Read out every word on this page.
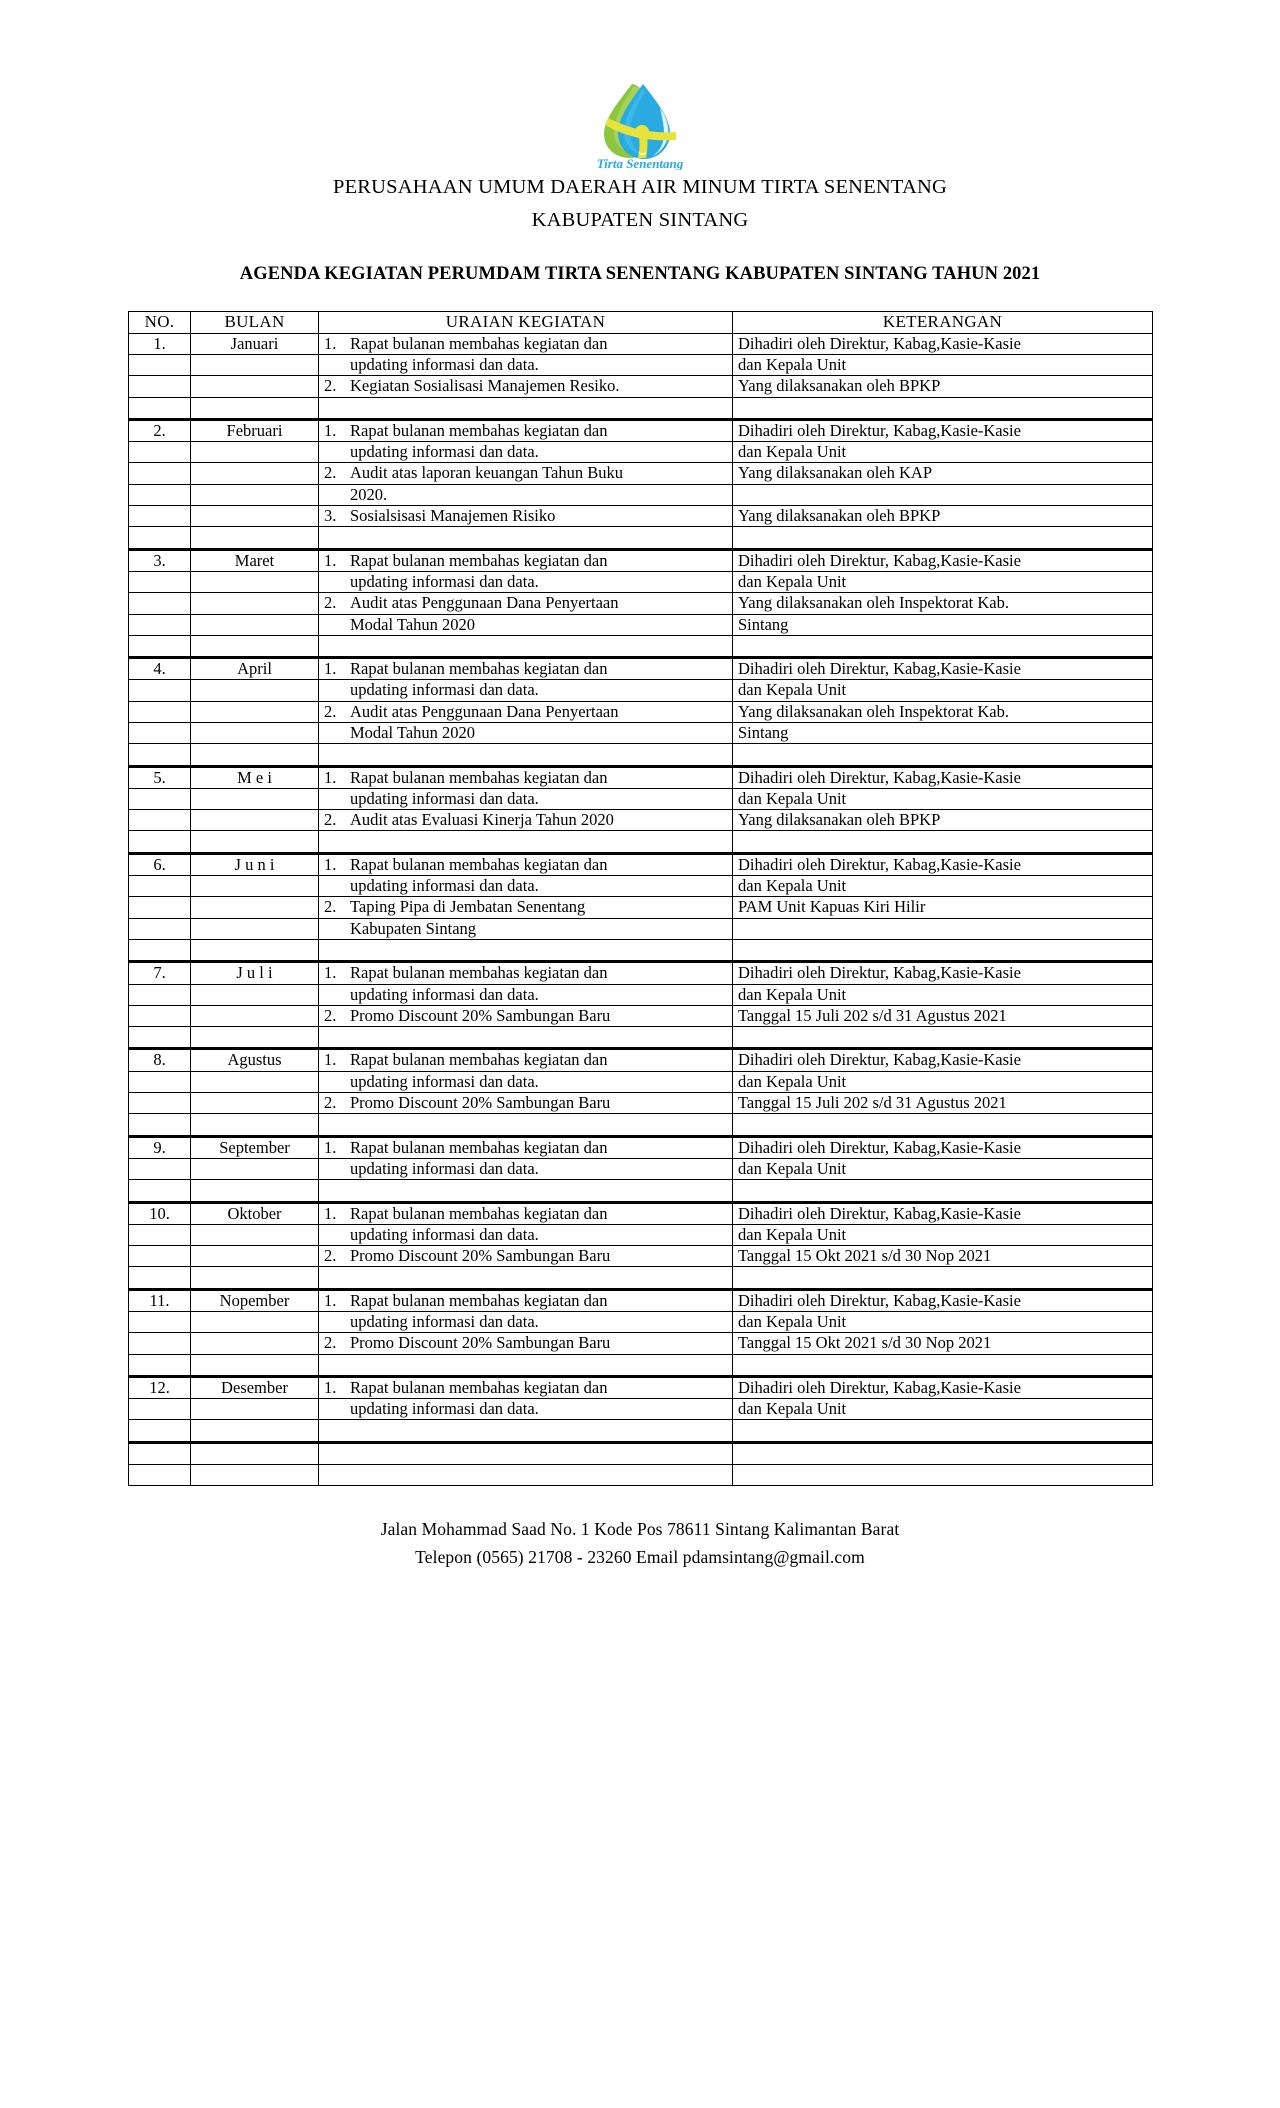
Tirta Senentang
PERUSAHAAN UMUM DAERAH AIR MINUM TIRTA SENENTANG
KABUPATEN SINTANG
AGENDA KEGIATAN PERUMDAM TIRTA SENENTANG KABUPATEN SINTANG TAHUN 2021
NO.	BULAN	URAIAN KEGIATAN	KETERANGAN
1.	Januari	1. Rapat bulanan membahas kegiatan dan	Dihadiri oleh Direktur, Kabag,Kasie-Kasie

		updating informasi dan data.	dan Kepala Unit

		2. Kegiatan Sosialisasi Manajemen Resiko.	Yang dilaksanakan oleh BPKP

2.	Februari	1. Rapat bulanan membahas kegiatan dan	Dihadiri oleh Direktur, Kabag,Kasie-Kasie

		updating informasi dan data.	dan Kepala Unit

		2. Audit atas laporan keuangan Tahun Buku	Yang dilaksanakan oleh KAP

		2020.	

		3. Sosialsisasi Manajemen Risiko	Yang dilaksanakan oleh BPKP

3.	Maret	1. Rapat bulanan membahas kegiatan dan	Dihadiri oleh Direktur, Kabag,Kasie-Kasie

		updating informasi dan data.	dan Kepala Unit

		2. Audit atas Penggunaan Dana Penyertaan	Yang dilaksanakan oleh Inspektorat Kab.

		Modal Tahun 2020	Sintang

4.	April	1. Rapat bulanan membahas kegiatan dan	Dihadiri oleh Direktur, Kabag,Kasie-Kasie

		updating informasi dan data.	dan Kepala Unit

		2. Audit atas Penggunaan Dana Penyertaan	Yang dilaksanakan oleh Inspektorat Kab.

		Modal Tahun 2020	Sintang

5.	M e i	1. Rapat bulanan membahas kegiatan dan	Dihadiri oleh Direktur, Kabag,Kasie-Kasie

		updating informasi dan data.	dan Kepala Unit

		2. Audit atas Evaluasi Kinerja Tahun 2020	Yang dilaksanakan oleh BPKP

6.	J u n i	1. Rapat bulanan membahas kegiatan dan	Dihadiri oleh Direktur, Kabag,Kasie-Kasie

		updating informasi dan data.	dan Kepala Unit

		2. Taping Pipa di Jembatan Senentang	PAM Unit Kapuas Kiri Hilir

		Kabupaten Sintang	

7.	J u l i	1. Rapat bulanan membahas kegiatan dan	Dihadiri oleh Direktur, Kabag,Kasie-Kasie

		updating informasi dan data.	dan Kepala Unit

		2. Promo Discount 20% Sambungan Baru	Tanggal 15 Juli 202 s/d 31 Agustus 2021

8.	Agustus	1. Rapat bulanan membahas kegiatan dan	Dihadiri oleh Direktur, Kabag,Kasie-Kasie

		updating informasi dan data.	dan Kepala Unit

		2. Promo Discount 20% Sambungan Baru	Tanggal 15 Juli 202 s/d 31 Agustus 2021

9.	September	1. Rapat bulanan membahas kegiatan dan	Dihadiri oleh Direktur, Kabag,Kasie-Kasie

		updating informasi dan data.	dan Kepala Unit

10.	Oktober	1. Rapat bulanan membahas kegiatan dan	Dihadiri oleh Direktur, Kabag,Kasie-Kasie

		updating informasi dan data.	dan Kepala Unit

		2. Promo Discount 20% Sambungan Baru	Tanggal 15 Okt 2021 s/d 30 Nop 2021

11.	Nopember	1. Rapat bulanan membahas kegiatan dan	Dihadiri oleh Direktur, Kabag,Kasie-Kasie

		updating informasi dan data.	dan Kepala Unit

		2. Promo Discount 20% Sambungan Baru	Tanggal 15 Okt 2021 s/d 30 Nop 2021

12.	Desember	1. Rapat bulanan membahas kegiatan dan	Dihadiri oleh Direktur, Kabag,Kasie-Kasie

		updating informasi dan data.	dan Kepala Unit

Jalan Mohammad Saad No. 1 Kode Pos 78611 Sintang Kalimantan Barat
Telepon (0565) 21708 - 23260 Email pdamsintang@gmail.com
